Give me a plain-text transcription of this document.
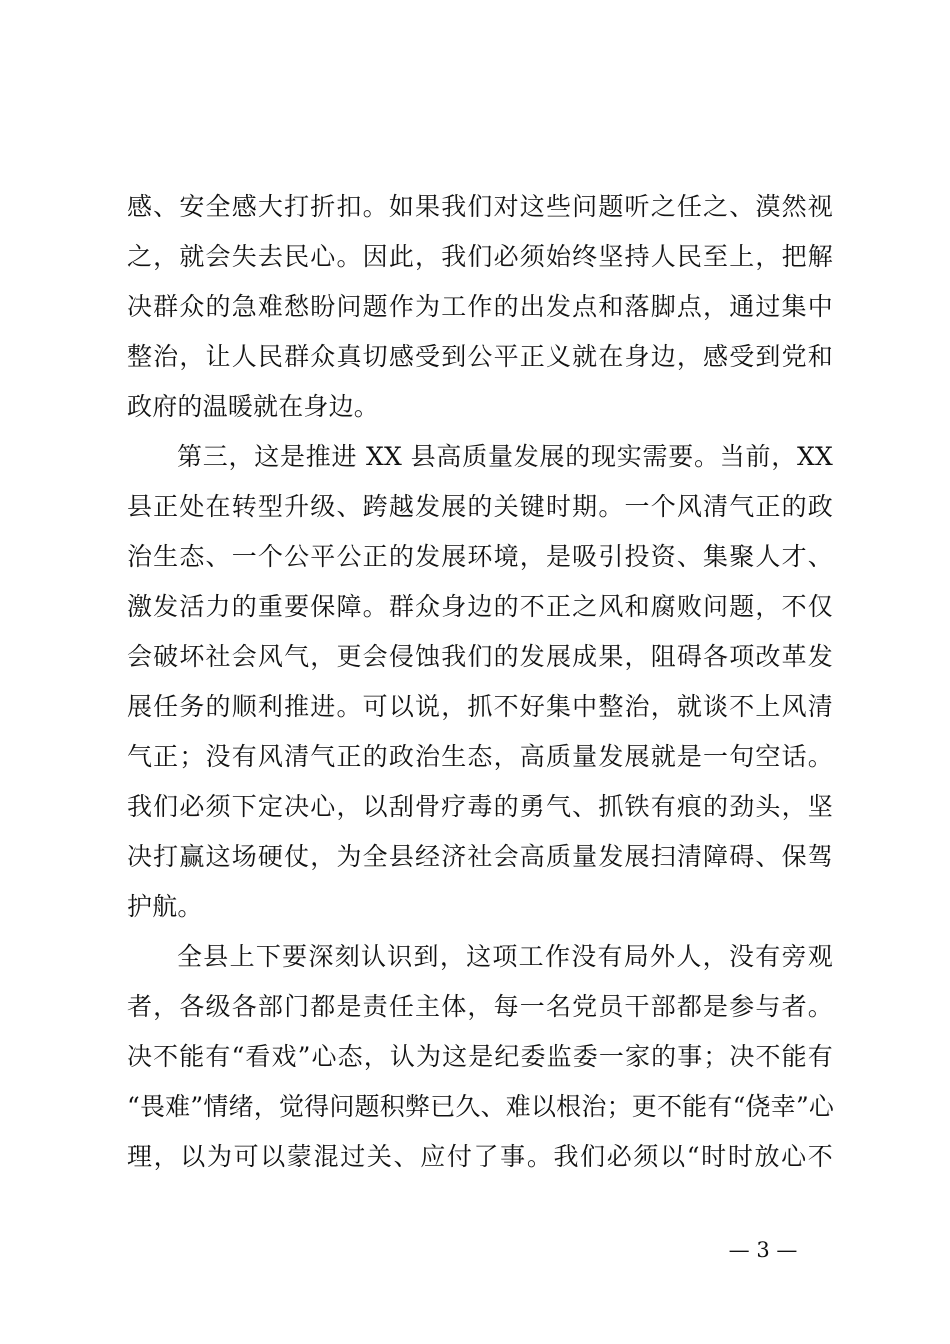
感、安全感大打折扣。如果我们对这些问题听之任之、漠然视
之，就会失去民心。因此，我们必须始终坚持人民至上，把解
决群众的急难愁盼问题作为工作的出发点和落脚点，通过集中
整治，让人民群众真切感受到公平正义就在身边，感受到党和
政府的温暖就在身边。
第三，这是推进 XX 县高质量发展的现实需要。当前，XX
县正处在转型升级、跨越发展的关键时期。一个风清气正的政
治生态、一个公平公正的发展环境，是吸引投资、集聚人才、
激发活力的重要保障。群众身边的不正之风和腐败问题，不仅
会破坏社会风气，更会侵蚀我们的发展成果，阻碍各项改革发
展任务的顺利推进。可以说，抓不好集中整治，就谈不上风清
气正；没有风清气正的政治生态，高质量发展就是一句空话。
我们必须下定决心，以刮骨疗毒的勇气、抓铁有痕的劲头，坚
决打赢这场硬仗，为全县经济社会高质量发展扫清障碍、保驾
护航。
全县上下要深刻认识到，这项工作没有局外人，没有旁观
者，各级各部门都是责任主体，每一名党员干部都是参与者。
决不能有“看戏”心态，认为这是纪委监委一家的事；决不能有
“畏难”情绪，觉得问题积弊已久、难以根治；更不能有“侥幸”心
理，以为可以蒙混过关、应付了事。我们必须以“时时放心不
— 3 —
